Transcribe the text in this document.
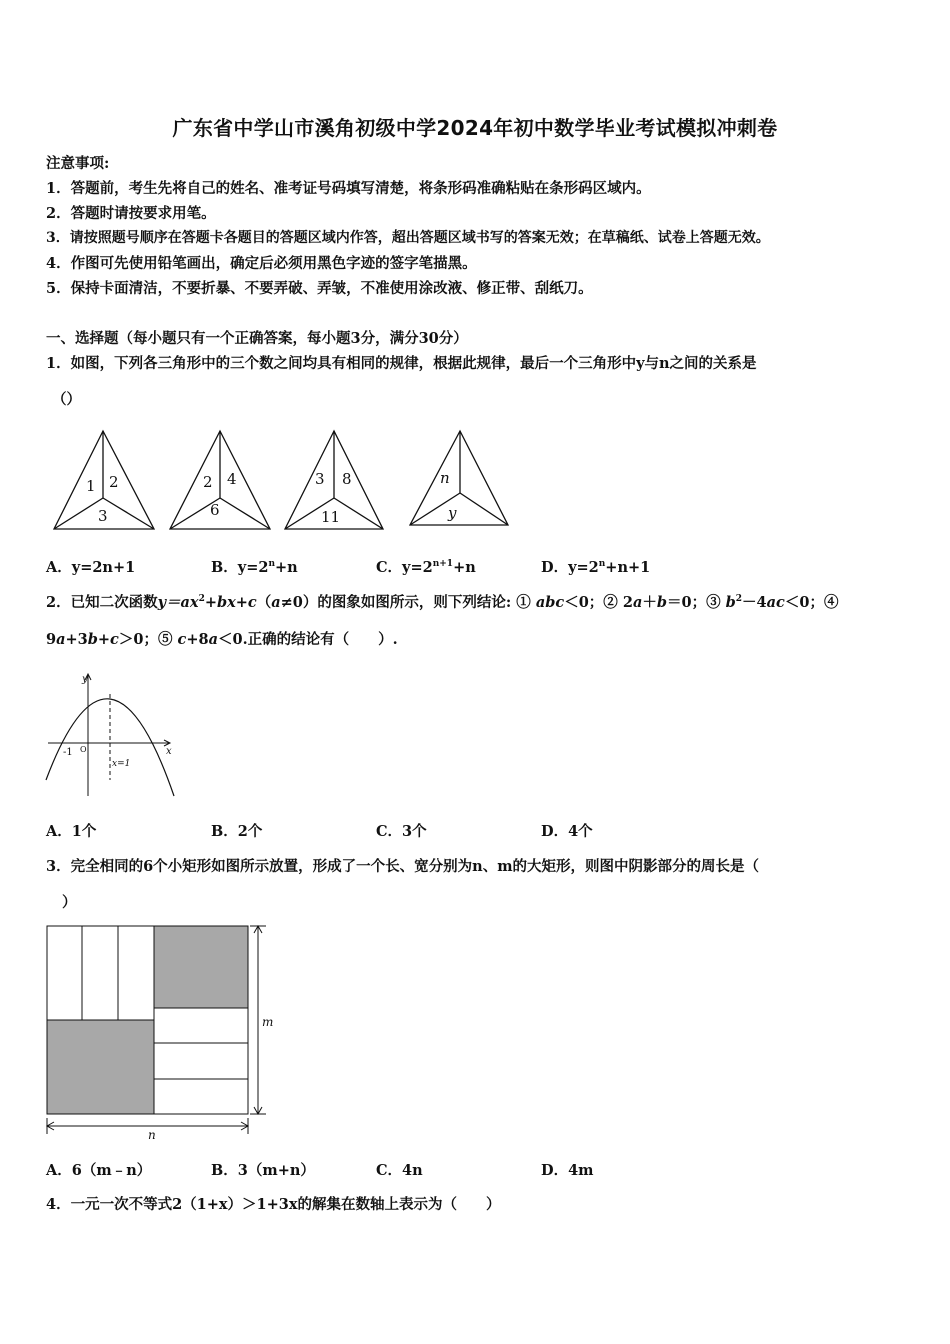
广东省中学山市溪角初级中学2024年初中数学毕业考试模拟冲刺卷
注意事项:
1．答题前，考生先将自己的姓名、准考证号码填写清楚，将条形码准确粘贴在条形码区域内。
2．答题时请按要求用笔。
3．请按照题号顺序在答题卡各题目的答题区域内作答，超出答题区域书写的答案无效；在草稿纸、试卷上答题无效。
4．作图可先使用铅笔画出，确定后必须用黑色字迹的签字笔描黑。
5．保持卡面清洁，不要折暴、不要弄破、弄皱，不准使用涂改液、修正带、刮纸刀。
一、选择题（每小题只有一个正确答案，每小题3分，满分30分）
1．如图，下列各三角形中的三个数之间均具有相同的规律，根据此规律，最后一个三角形中y与n之间的关系是
（）
1 2
3
2 4
6
3 8
11
n
y
A．y=2n+1	B．$y=2^n+n$	C．$y=2^{n+1}+n$	D．$y=2^n+n+1$
2．已知二次函数$y=ax^2+bx+c(a\ne 0)$的图象如图所示，则下列结论: ① abc＜0；② 2a＋b＝0；③ $b^2-4ac<0$；④
9a+3b+c＞0；⑤ c+8a＜0.正确的结论有（　　）.
y
x
O
-1
x=1
A．1个	B．2个	C．3个	D．4个
3．完全相同的6个小矩形如图所示放置，形成了一个长、宽分别为n、m的大矩形，则图中阴影部分的周长是（
）
m
n
A．6（m﹣n）	B．3（m+n）	C．4n	D．4m
4．一元一次不等式2（1+x）＞1+3x的解集在数轴上表示为（　　）
